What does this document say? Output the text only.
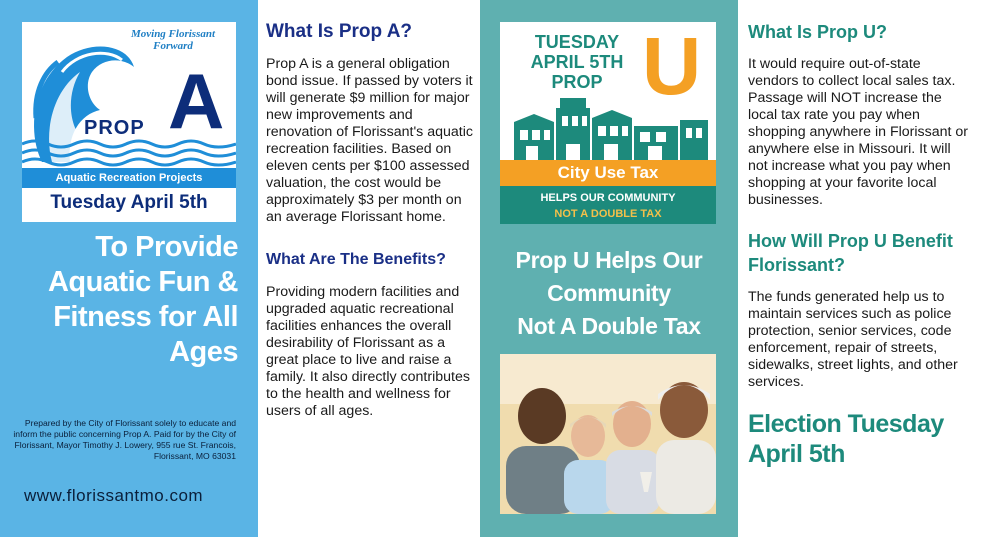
Moving Florissant Forward
PROP A
Aquatic Recreation Projects
Tuesday April 5th
To Provide
Aquatic Fun &
Fitness for All
Ages
Prepared by the City of Florissant solely to educate and inform the public concerning Prop A. Paid for by the City of Florissant, Mayor Timothy J. Lowery, 955 rue St. Francois, Florissant, MO 63031
www.florissantmo.com
What Is Prop A?
Prop A is a general obligation bond issue. If passed by voters it will generate $9 million for major new improvements and renovation of Florissant's aquatic recreation facilities. Based on eleven cents per $100 assessed valuation, the cost would be approximately $3 per month on an average Florissant home.
What Are The Benefits?
Providing modern facilities and upgraded aquatic recreational facilities enhances the overall desirability of Florissant as a great place to live and raise a family. It also directly contributes to the health and wellness for users of all ages.
TUESDAY
APRIL 5TH
PROP U
City Use Tax
HELPS OUR COMMUNITY
NOT A DOUBLE TAX
Prop U Helps Our
Community
Not A Double Tax
What Is Prop U?
It would require out-of-state vendors to collect local sales tax. Passage will NOT increase the local tax rate you pay when shopping anywhere in Florissant or anywhere else in Missouri. It will not increase what you pay when shopping at your favorite local businesses.
How Will Prop U Benefit Florissant?
The funds generated help us to maintain services such as police protection, senior services, code enforcement, repair of streets, sidewalks, street lights, and other services.
Election Tuesday
April 5th
